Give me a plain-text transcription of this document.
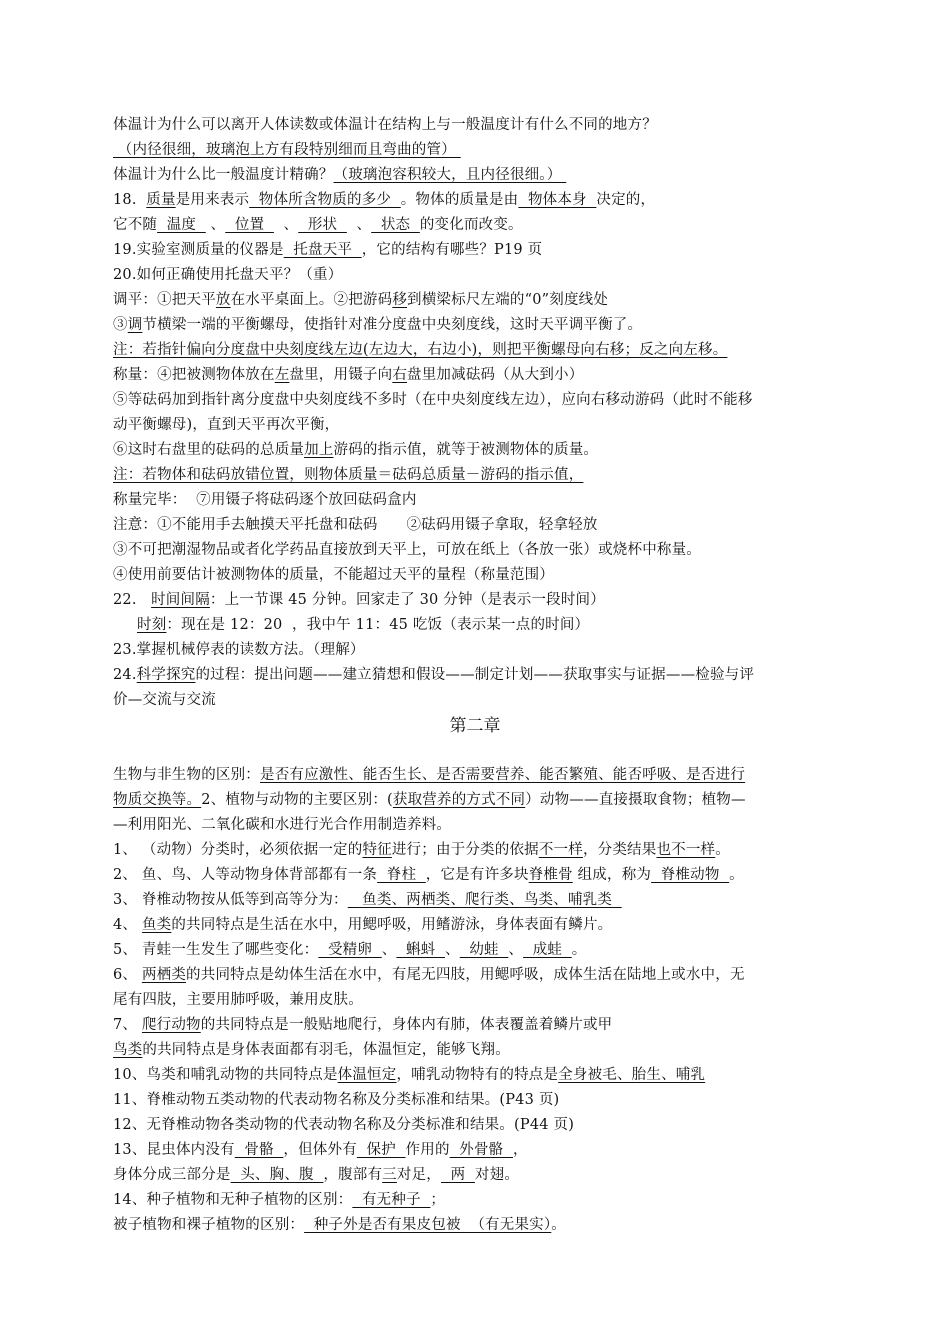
体温计为什么可以离开人体读数或体温计在结构上与一般温度计有什么不同的地方？
（内径很细，玻璃泡上方有段特别细而且弯曲的管）
体温计为什么比一般温度计精确？（玻璃泡容积较大，且内径很细。）
18.  质量是用来表示  物体所含物质的多少  。物体的质量是由  物体本身  决定的，
它不随  温度   、  位置    、  形状    、  状态  的变化而改变。
19.实验室测质量的仪器是  托盘天平  ，它的结构有哪些？P19 页
20.如何正确使用托盘天平？（重）
调平：①把天平放在水平桌面上。②把游码移到横梁标尺左端的“0”刻度线处
③调节横梁一端的平衡螺母，使指针对准分度盘中央刻度线，这时天平调平衡了。
注：若指针偏向分度盘中央刻度线左边(左边大，右边小)，则把平衡螺母向右移；反之向左移。
称量：④把被测物体放在左盘里，用镊子向右盘里加减砝码（从大到小）
⑤等砝码加到指针离分度盘中央刻度线不多时（在中央刻度线左边），应向右移动游码（此时不能移
动平衡螺母)，直到天平再次平衡，
⑥这时右盘里的砝码的总质量加上游码的指示值，就等于被测物体的质量。
注：若物体和砝码放错位置，则物体质量＝砝码总质量－游码的指示值，
称量完毕：  ⑦用镊子将砝码逐个放回砝码盒内
注意：①不能用手去触摸天平托盘和砝码      ②砝码用镊子拿取，轻拿轻放
③不可把潮湿物品或者化学药品直接放到天平上，可放在纸上（各放一张）或烧杯中称量。
④使用前要估计被测物体的质量，不能超过天平的量程（称量范围）
22.   时间间隔：上一节课 45 分钟。回家走了 30 分钟（是表示一段时间）
时刻：现在是 12：20  ，我中午 11：45 吃饭（表示某一点的时间）
23.掌握机械停表的读数方法。（理解）
24.科学探究的过程：提出问题——建立猜想和假设——制定计划——获取事实与证据——检验与评
价—交流与交流
第二章
生物与非生物的区别：是否有应激性、能否生长、是否需要营养、能否繁殖、能否呼吸、是否进行
物质交换等。2、植物与动物的主要区别：(获取营养的方式不同）动物——直接摄取食物；植物—
—利用阳光、二氧化碳和水进行光合作用制造养料。
1、 （动物）分类时，必须依据一定的特征进行；由于分类的依据不一样，分类结果也不一样。
2、 鱼、鸟、人等动物身体背部都有一条  脊柱  ，它是有许多块脊椎骨 组成，称为  脊椎动物  。
3、 脊椎动物按从低等到高等分为：   鱼类、两栖类、爬行类、鸟类、哺乳类
4、 鱼类的共同特点是生活在水中，用鳃呼吸，用鳍游泳，身体表面有鳞片。
5、 青蛙一生发生了哪些变化：  受精卵  、  蝌蚪  、  幼蛙  、  成蛙  。
6、 两栖类的共同特点是幼体生活在水中，有尾无四肢，用鳃呼吸，成体生活在陆地上或水中，无
尾有四肢，主要用肺呼吸，兼用皮肤。
7、 爬行动物的共同特点是一般贴地爬行，身体内有肺，体表覆盖着鳞片或甲
鸟类的共同特点是身体表面都有羽毛，体温恒定，能够飞翔。
10、鸟类和哺乳动物的共同特点是体温恒定，哺乳动物特有的特点是全身被毛、胎生、哺乳
11、脊椎动物五类动物的代表动物名称及分类标准和结果。(P43 页)
12、无脊椎动物各类动物的代表动物名称及分类标准和结果。(P44 页)
13、昆虫体内没有  骨骼  ，但体外有  保护  作用的  外骨骼  ，
身体分成三部分是  头、胸、腹  ，腹部有三对足，  两  对翅。
14、种子植物和无种子植物的区别：  有无种子  ；
被子植物和裸子植物的区别：  种子外是否有果皮包被  （有无果实）。
